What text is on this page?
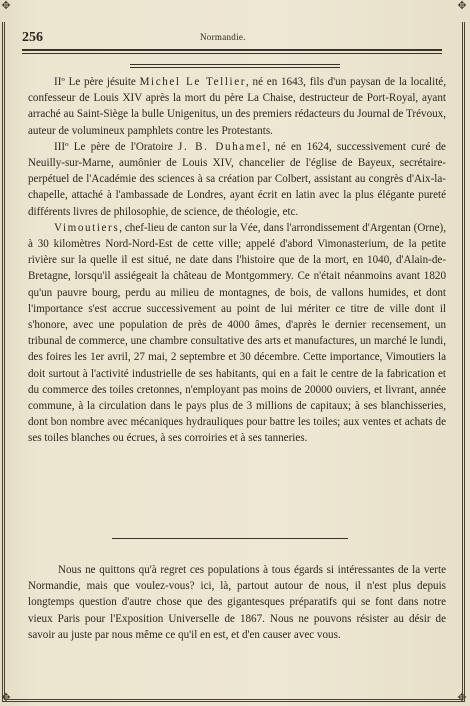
✥	✥
✥	✥
256	Normandie.

IIº Le père jésuite Michel Le Tellier, né en 1643, fils d'un paysan de la localité, confesseur de Louis XIV après la mort du père La Chaise, destructeur de Port-Royal, ayant arraché au Saint-Siège la bulle Unigenitus, un des premiers rédacteurs du Journal de Trévoux, auteur de volumineux pamphlets contre les Protestants.

IIIº Le père de l'Oratoire J. B. Duhamel, né en 1624, successivement curé de Neuilly-sur-Marne, aumônier de Louis XIV, chancelier de l'église de Bayeux, secrétaire-perpétuel de l'Académie des sciences à sa création par Colbert, assistant au congrès d'Aix-la-chapelle, attaché à l'ambassade de Londres, ayant écrit en latin avec la plus élégante pureté différents livres de philosophie, de science, de théologie, etc.

Vimoutiers, chef-lieu de canton sur la Vée, dans l'arrondissement d'Argentan (Orne), à 30 kilomètres Nord-Nord-Est de cette ville; appelé d'abord Vimonasterium, de la petite rivière sur la quelle il est situé, ne date dans l'histoire que de la mort, en 1040, d'Alain-de-Bretagne, lorsqu'il assiégeait la château de Montgommery. Ce n'était néanmoins avant 1820 qu'un pauvre bourg, perdu au milieu de montagnes, de bois, de vallons humides, et dont l'importance s'est accrue successivement au point de lui mériter ce titre de ville dont il s'honore, avec une population de près de 4000 âmes, d'après le dernier recensement, un tribunal de commerce, une chambre consultative des arts et manufactures, un marché le lundi, des foires les 1er avril, 27 mai, 2 septembre et 30 décembre. Cette importance, Vimoutiers la doit surtout à l'activité industrielle de ses habitants, qui en a fait le centre de la fabrication et du commerce des toiles cretonnes, n'employant pas moins de 20000 ouviers, et livrant, année commune, à la circulation dans le pays plus de 3 millions de capitaux; à ses blanchisseries, dont bon nombre avec mécaniques hydrauliques pour battre les toiles; aux ventes et achats de ses toiles blanches ou écrues, à ses corroiries et à ses tanneries.

Nous ne quittons qu'à regret ces populations à tous égards si intéressantes de la verte Normandie, mais que voulez-vous? ici, là, partout autour de nous, il n'est plus depuis longtemps question d'autre chose que des gigantesques préparatifs qui se font dans notre vieux Paris pour l'Exposition Universelle de 1867. Nous ne pouvons résister au désir de savoir au juste par nous même ce qu'il en est, et d'en causer avec vous.
